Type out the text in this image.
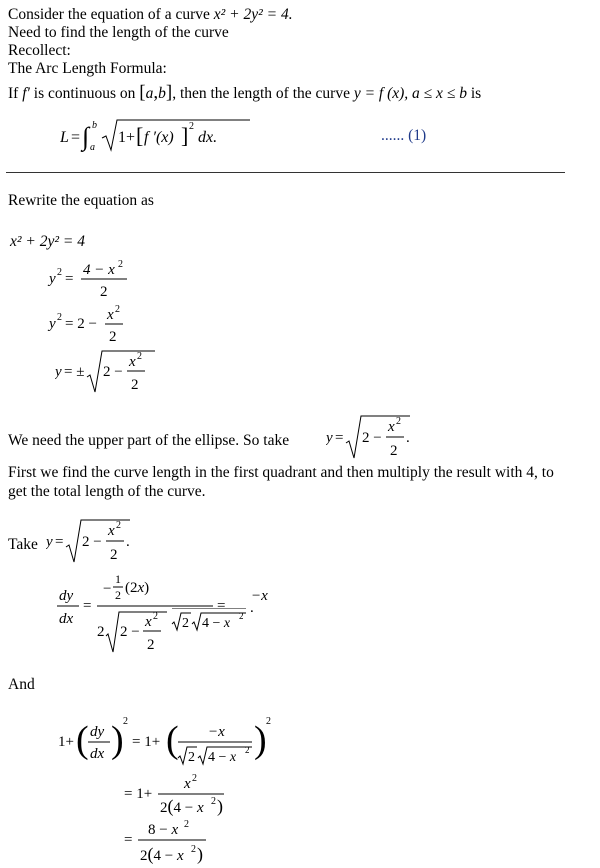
Consider the equation of a curve x² + 2y² = 4.
Need to find the length of the curve
Recollect:
The Arc Length Formula:
If f′ is continuous on [a,b], then the length of the curve y = f (x), a ≤ x ≤ b is
L = ∫ b
a
1+ [ f ′(x) ] 2
dx.	...... (1)
Rewrite the equation as
x² + 2y² = 4
y 2 =
4 − x 2
2
y 2 = 2 −
x 2
2
y = ± 2 −
x 2
2
We need the upper part of the ellipse. So take y = 2 −
x 2
2
.
First we find the curve length in the first quadrant and then multiply the result with 4, to
get the total length of the curve.
Take y = 2 −
x 2
2
.
dy
dx
=
−
1
2 (2x)
2 2 −
x 2
2
=
−x
2 4 − x 2 .
And
1+ ( dy
dx ) 2
= 1+ ( −x
2 4 − x 2 ) 2
= 1+
x 2
2(4 − x 2 )
=
8 − x 2
2(4 − x 2 )
